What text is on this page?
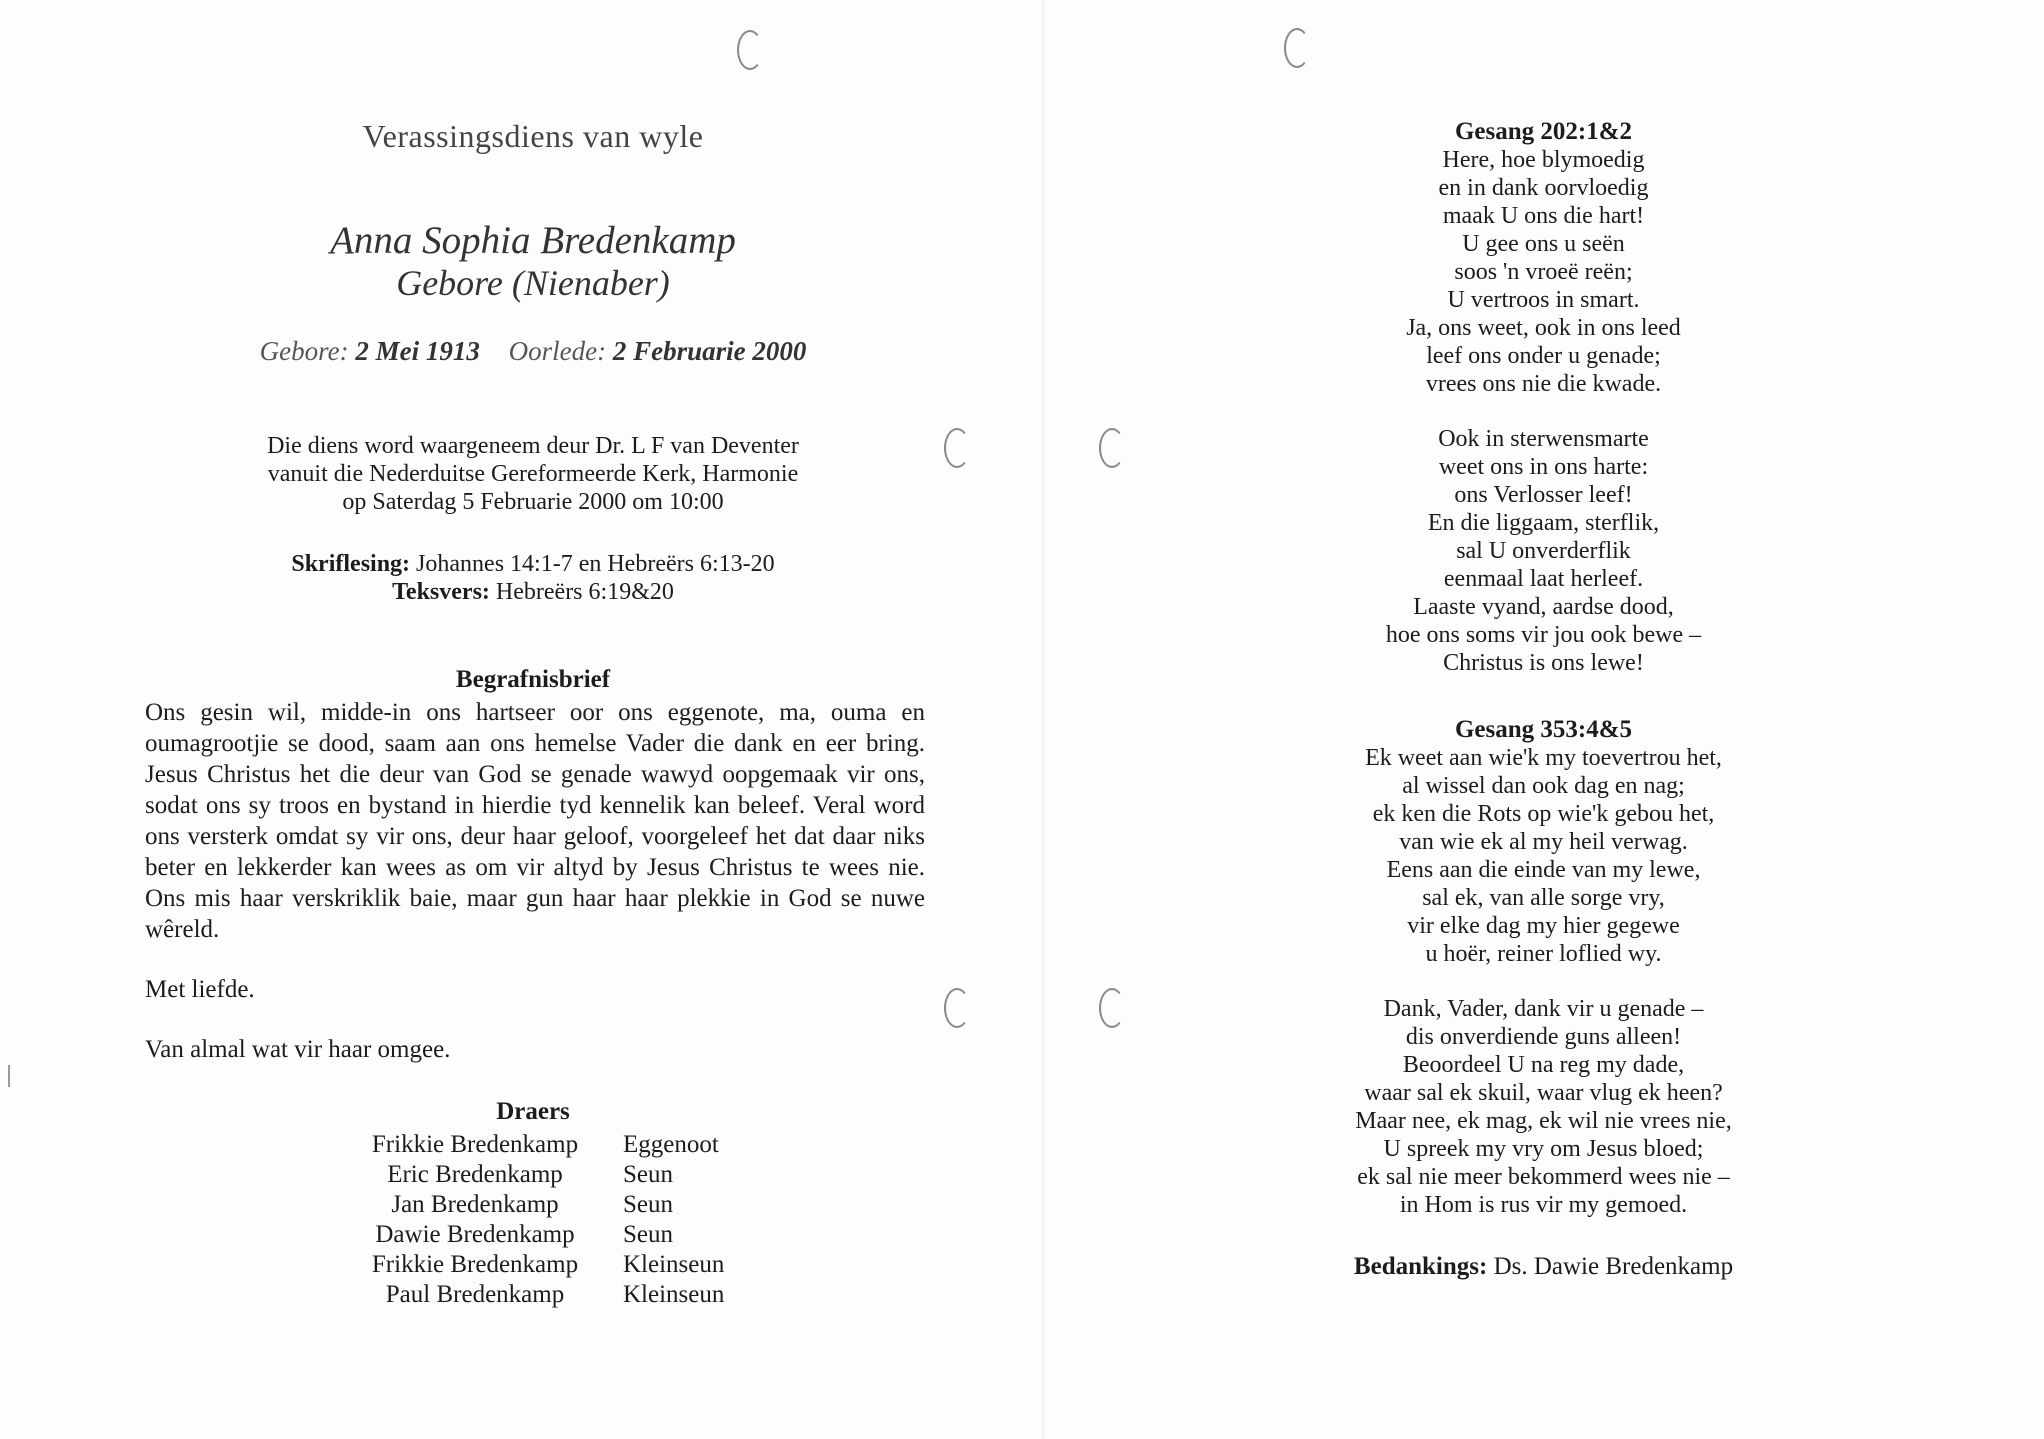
Verassingsdiens van wyle
Anna Sophia Bredenkamp
Gebore (Nienaber)
Gebore: 2 Mei 1913 Oorlede: 2 Februarie 2000
Die diens word waargeneem deur Dr. L F van Deventer
vanuit die Nederduitse Gereformeerde Kerk, Harmonie
op Saterdag 5 Februarie 2000 om 10:00
Skriflesing: Johannes 14:1-7 en Hebreërs 6:13-20
Teksvers: Hebreërs 6:19&20
Begrafnisbrief

Ons gesin wil, midde-in ons hartseer oor ons eggenote, ma, ouma en oumagrootjie se dood, saam aan ons hemelse Vader die dank en eer bring. Jesus Christus het die deur van God se genade wawyd oopgemaak vir ons, sodat ons sy troos en bystand in hierdie tyd kennelik kan beleef. Veral word ons versterk omdat sy vir ons, deur haar geloof, voorgeleef het dat daar niks beter en lekkerder kan wees as om vir altyd by Jesus Christus te wees nie. Ons mis haar verskriklik baie, maar gun haar haar plekkie in God se nuwe wêreld.

Met liefde.
Van almal wat vir haar omgee.
Draers
Frikkie Bredenkamp	Eggenoot
Eric Bredenkamp	Seun
Jan Bredenkamp	Seun
Dawie Bredenkamp	Seun
Frikkie Bredenkamp	Kleinseun
Paul Bredenkamp	Kleinseun
Gesang 202:1&2
Here, hoe blymoedig
en in dank oorvloedig
maak U ons die hart!
U gee ons u seën
soos 'n vroeë reën;
U vertroos in smart.
Ja, ons weet, ook in ons leed
leef ons onder u genade;
vrees ons nie die kwade.
Ook in sterwensmarte
weet ons in ons harte:
ons Verlosser leef!
En die liggaam, sterflik,
sal U onverderflik
eenmaal laat herleef.
Laaste vyand, aardse dood,
hoe ons soms vir jou ook bewe –
Christus is ons lewe!
Gesang 353:4&5
Ek weet aan wie'k my toevertrou het,
al wissel dan ook dag en nag;
ek ken die Rots op wie'k gebou het,
van wie ek al my heil verwag.
Eens aan die einde van my lewe,
sal ek, van alle sorge vry,
vir elke dag my hier gegewe
u hoër, reiner loflied wy.
Dank, Vader, dank vir u genade –
dis onverdiende guns alleen!
Beoordeel U na reg my dade,
waar sal ek skuil, waar vlug ek heen?
Maar nee, ek mag, ek wil nie vrees nie,
U spreek my vry om Jesus bloed;
ek sal nie meer bekommerd wees nie –
in Hom is rus vir my gemoed.
Bedankings: Ds. Dawie Bredenkamp
